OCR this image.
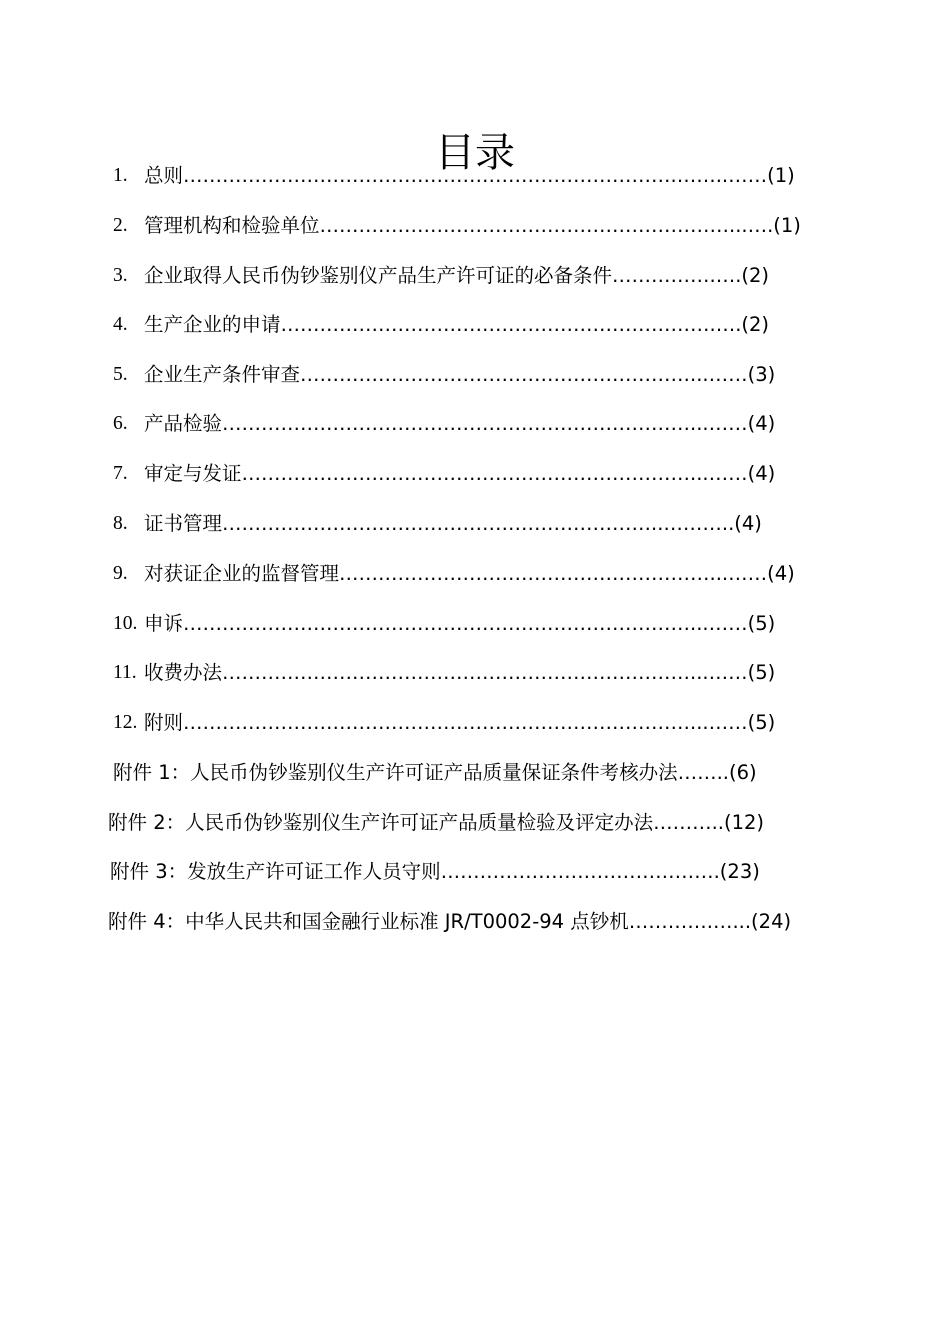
目录
1. 总则………………………………………………………………….……..……(1)
2. 管理机构和检验单位………………………………………………………...….(1)
3. 企业取得人民币伪钞鉴别仪产品生产许可证的必备条件…………….….(2)
4. 生产企业的申请………………………………………………………….….(2)
5. 企业生产条件审查……………………………………………………...……(3)
6. 产品检验………………………………………………………………...……(4)
7. 审定与发证……………………………………………………………...……(4)
8. 证书管理…………………………………………………………..………..(4)
9. 对获证企业的监督管理…………………………………………………...……(4)
10. 申诉……………………………………………………………………...……(5)
11. 收费办法………………………………………………………………...……(5)
12. 附则……………………………………………………………………...……(5)
附件 1：人民币伪钞鉴别仪生产许可证产品质量保证条件考核办法……..(6)
附件 2：人民币伪钞鉴别仪生产许可证产品质量检验及评定办法………..(12)
附件 3：发放生产许可证工作人员守则…………………………………….(23)
附件 4：中华人民共和国金融行业标准 JR/T0002-94 点钞机………….…...(24)
